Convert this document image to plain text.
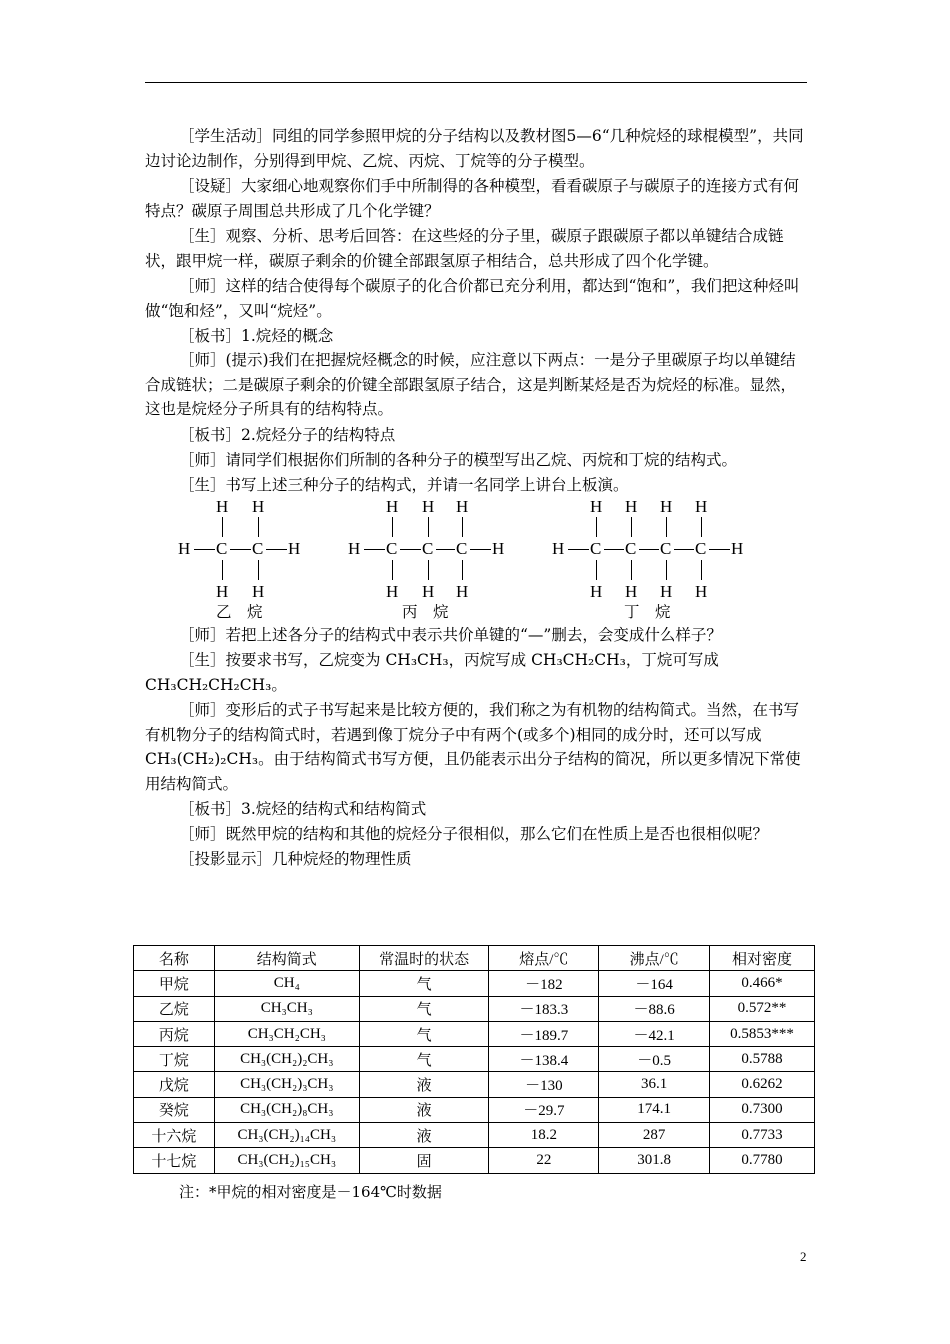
［学生活动］同组的同学参照甲烷的分子结构以及教材图5—6“几种烷烃的球棍模型”，共同边讨论边制作，分别得到甲烷、乙烷、丙烷、丁烷等的分子模型。

［设疑］大家细心地观察你们手中所制得的各种模型，看看碳原子与碳原子的连接方式有何特点？碳原子周围总共形成了几个化学键？

［生］观察、分析、思考后回答：在这些烃的分子里，碳原子跟碳原子都以单键结合成链状，跟甲烷一样，碳原子剩余的价键全部跟氢原子相结合，总共形成了四个化学键。

［师］这样的结合使得每个碳原子的化合价都已充分利用，都达到“饱和”，我们把这种烃叫做“饱和烃”，又叫“烷烃”。

［板书］1.烷烃的概念

［师］(提示)我们在把握烷烃概念的时候，应注意以下两点：一是分子里碳原子均以单键结合成链状；二是碳原子剩余的价键全部跟氢原子结合，这是判断某烃是否为烷烃的标准。显然，这也是烷烃分子所具有的结构特点。

［板书］2.烷烃分子的结构特点
［师］请同学们根据你们所制的各种分子的模型写出乙烷、丙烷和丁烷的结构式。
［生］书写上述三种分子的结构式，并请一名同学上讲台上板演。
H H
H C C H
H H
乙　烷
H H H
H C C C H
H H H
丙　烷
H H H H
H C C C C H
H H H H
丁　烷
［师］若把上述各分子的结构式中表示共价单键的“—”删去，会变成什么样子？

［生］按要求书写，乙烷变为 CH₃CH₃，丙烷写成 CH₃CH₂CH₃，丁烷可写成 CH₃CH₂CH₂CH₃。

［师］变形后的式子书写起来是比较方便的，我们称之为有机物的结构简式。当然，在书写有机物分子的结构简式时，若遇到像丁烷分子中有两个(或多个)相同的成分时，还可以写成 CH₃(CH₂)₂CH₃。由于结构简式书写方便，且仍能表示出分子结构的简况，所以更多情况下常使用结构简式。

［板书］3.烷烃的结构式和结构简式
［师］既然甲烷的结构和其他的烷烃分子很相似，那么它们在性质上是否也很相似呢？
［投影显示］几种烷烃的物理性质
名称	结构简式	常温时的状态	熔点/℃	沸点/℃	相对密度
甲烷	CH₄	气	－182	－164	0.466*
乙烷	CH₃CH₃	气	－183.3	－88.6	0.572**
丙烷	CH₃CH₂CH₃	气	－189.7	－42.1	0.5853***
丁烷	CH₃(CH₂)₂CH₃	气	－138.4	－0.5	0.5788
戊烷	CH₃(CH₂)₃CH₃	液	－130	36.1	0.6262
癸烷	CH₃(CH₂)₈CH₃	液	－29.7	174.1	0.7300
十六烷	CH₃(CH₂)₁₄CH₃	液	18.2	287	0.7733
十七烷	CH₃(CH₂)₁₅CH₃	固	22	301.8	0.7780
注：*甲烷的相对密度是－164℃时数据
2
